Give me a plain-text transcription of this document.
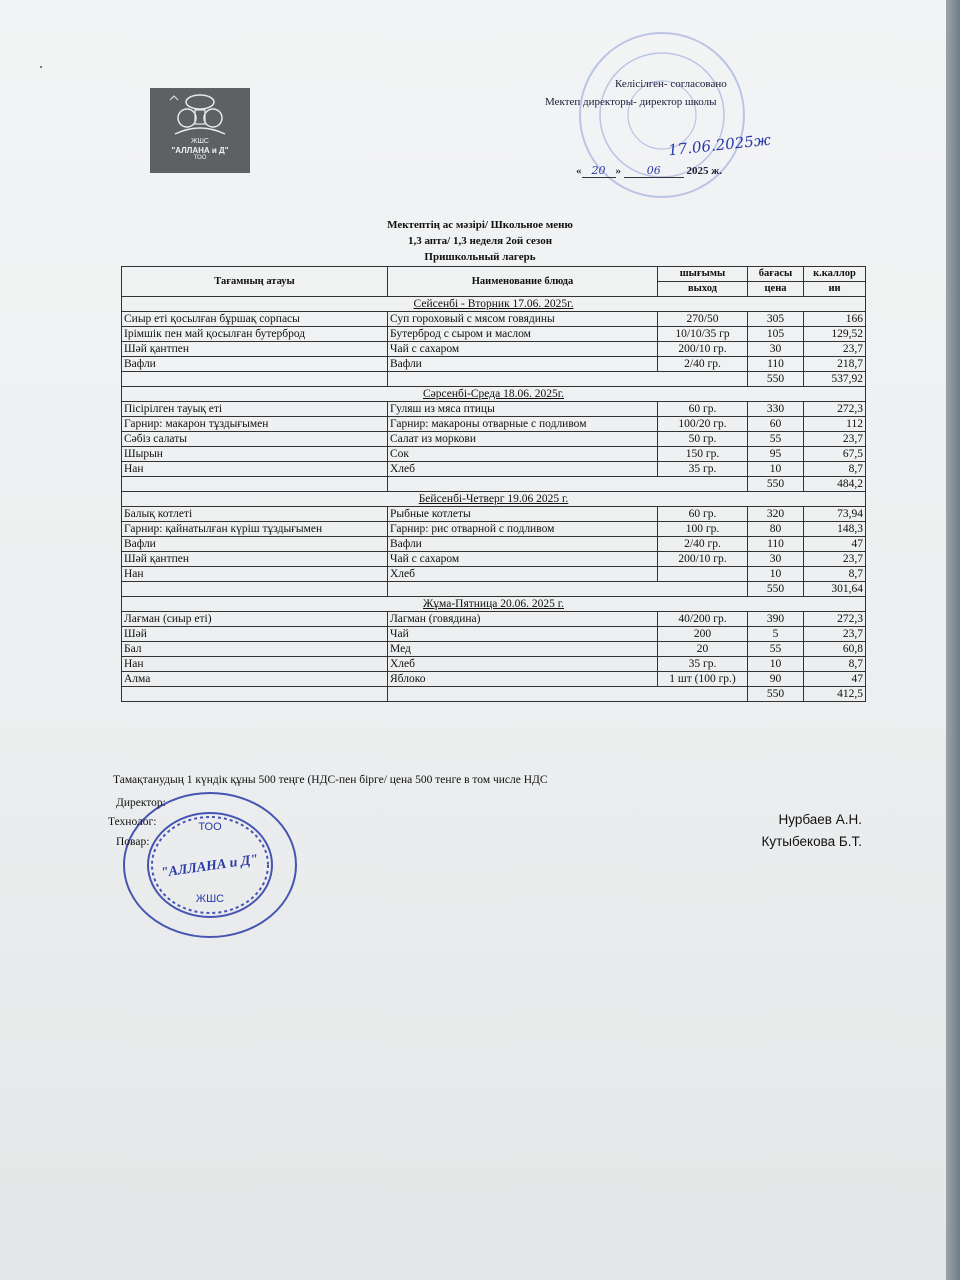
ЖШС
"АЛЛАНА и Д"
ТОО
Келісілген- согласовано
Мектеп директоры- директор школы
17.06.2025ж
« 20 » 06 2025 ж.
Мектептің ас мәзірі/ Школьное меню
1,3 апта/ 1,3 неделя 2ой сезон
Пришкольный лагерь
Тағамның атауы	Наименование блюда	шығымы	бағасы	к.каллор
		выход	цена	ии
Сейсенбі - Вторник 17.06. 2025г.				
Сиыр еті қосылған бұршақ сорпасы	Суп гороховый с мясом говядины	270/50	305	166
Ірімшік пен май қосылған бутерброд	Бутерброд с сыром и маслом	10/10/35 гр	105	129,52
Шәй қантпен	Чай с сахаром	200/10 гр.	30	23,7
Вафли	Вафли	2/40 гр.	110	218,7
			550	537,92
Сәрсенбі-Среда 18.06. 2025г.				
Пісірілген тауық еті	Гуляш из мяса птицы	60 гр.	330	272,3
Гарнир: макарон тұздығымен	Гарнир: макароны отварные с подливом	100/20 гр.	60	112
Сәбіз салаты	Салат из моркови	50 гр.	55	23,7
Шырын	Сок	150 гр.	95	67,5
Нан	Хлеб	35 гр.	10	8,7
			550	484,2
Бейсенбі-Четверг 19.06 2025 г.				
Балық котлеті	Рыбные котлеты	60 гр.	320	73,94
Гарнир: қайнатылған күріш тұздығымен	Гарнир: рис отварной с подливом	100 гр.	80	148,3
Вафли	Вафли	2/40 гр.	110	47
Шәй қантпен	Чай с сахаром	200/10 гр.	30	23,7
Нан	Хлеб		10	8,7
			550	301,64
Жұма-Пятница 20.06. 2025 г.				
Лағман (сиыр еті)	Лагман (говядина)	40/200 гр.	390	272,3
Шәй	Чай	200	5	23,7
Бал	Мед	20	55	60,8
Нан	Хлеб	35 гр.	10	8,7
Алма	Яблоко	1 шт (100 гр.)	90	47
			550	412,5
Тамақтанудың 1 күндік құны 500 теңге (НДС-пен бірге/ цена 500 тенге в том числе НДС
ТОО
"АЛЛАНА и Д"
ЖШС
Директор:
Технолог:
Повар:
Нурбаев А.Н.
Кутыбекова Б.Т.
